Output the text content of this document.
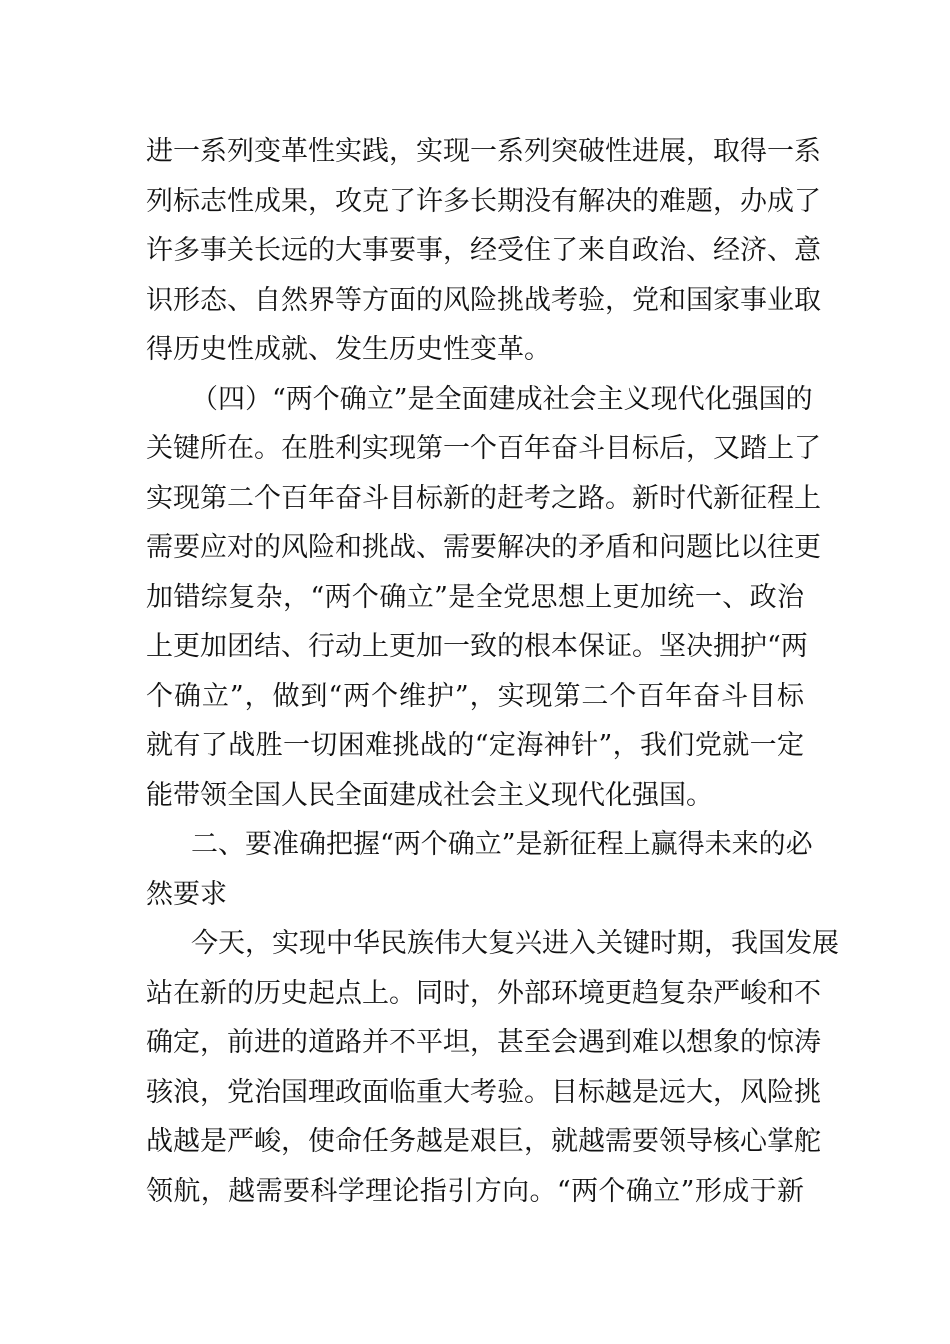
进一系列变革性实践，实现一系列突破性进展，取得一系
列标志性成果，攻克了许多长期没有解决的难题，办成了
许多事关长远的大事要事，经受住了来自政治、经济、意
识形态、自然界等方面的风险挑战考验，党和国家事业取
得历史性成就、发生历史性变革。
（四）“两个确立”是全面建成社会主义现代化强国的
关键所在。在胜利实现第一个百年奋斗目标后，又踏上了
实现第二个百年奋斗目标新的赶考之路。新时代新征程上
需要应对的风险和挑战、需要解决的矛盾和问题比以往更
加错综复杂，“两个确立”是全党思想上更加统一、政治
上更加团结、行动上更加一致的根本保证。坚决拥护“两
个确立”，做到“两个维护”，实现第二个百年奋斗目标
就有了战胜一切困难挑战的“定海神针”，我们党就一定
能带领全国人民全面建成社会主义现代化强国。
二、要准确把握“两个确立”是新征程上赢得未来的必
然要求
今天，实现中华民族伟大复兴进入关键时期，我国发展
站在新的历史起点上。同时，外部环境更趋复杂严峻和不
确定，前进的道路并不平坦，甚至会遇到难以想象的惊涛
骇浪，党治国理政面临重大考验。目标越是远大，风险挑
战越是严峻，使命任务越是艰巨，就越需要领导核心掌舵
领航，越需要科学理论指引方向。“两个确立”形成于新
